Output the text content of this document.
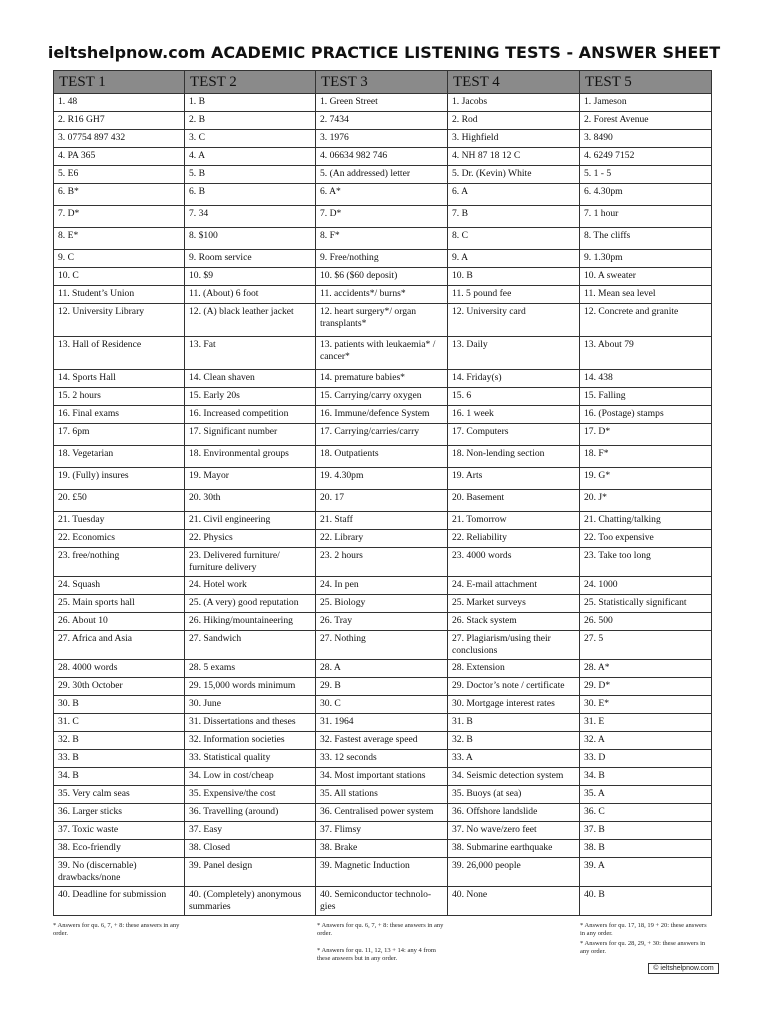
ieltshelpnow.com ACADEMIC PRACTICE LISTENING TESTS - ANSWER SHEET
TEST 1	TEST 2	TEST 3	TEST 4	TEST 5
1. 48	1. B	1. Green Street	1. Jacobs	1. Jameson
2. R16 GH7	2. B	2. 7434	2. Rod	2. Forest Avenue
3. 07754 897 432	3. C	3. 1976	3. Highfield	3. 8490
4. PA 365	4. A	4. 06634 982 746	4. NH 87 18 12 C	4. 6249 7152
5. E6	5. B	5. (An addressed) letter	5. Dr. (Kevin) White	5. 1 - 5
6. B*	6. B	6. A*	6. A	6. 4.30pm
7. D*	7. 34	7. D*	7. B	7. 1 hour
8. E*	8. $100	8. F*	8. C	8. The cliffs
9. C	9. Room service	9. Free/nothing	9. A	9. 1.30pm
10. C	10. $9	10. $6 ($60 deposit)	10. B	10. A sweater
11. Student’s Union	11. (About) 6 foot	11. accidents*/ burns*	11. 5 pound fee	11. Mean sea level
12. University Library	12. (A) black leather jacket	12. heart surgery*/ organ transplants*	12. University card	12. Concrete and granite
13. Hall of Residence	13. Fat	13. patients with leukaemia* / cancer*	13. Daily	13. About 79
14. Sports Hall	14. Clean shaven	14. premature babies*	14. Friday(s)	14. 438
15. 2 hours	15. Early 20s	15. Carrying/carry oxygen	15. 6	15. Falling
16. Final exams	16. Increased competition	16. Immune/defence System	16. 1 week	16. (Postage) stamps
17. 6pm	17. Significant number	17. Carrying/carries/carry	17. Computers	17. D*
18. Vegetarian	18. Environmental groups	18. Outpatients	18. Non-lending section	18. F*
19. (Fully) insures	19. Mayor	19. 4.30pm	19. Arts	19. G*
20. £50	20. 30th	20. 17	20. Basement	20. J*
21. Tuesday	21. Civil engineering	21. Staff	21. Tomorrow	21. Chatting/talking
22. Economics	22. Physics	22. Library	22. Reliability	22. Too expensive
23. free/nothing	23. Delivered furniture/ furniture delivery	23. 2 hours	23. 4000 words	23. Take too long
24. Squash	24. Hotel work	24. In pen	24. E-mail attachment	24. 1000
25. Main sports hall	25. (A very) good reputation	25. Biology	25. Market surveys	25. Statistically significant
26. About 10	26. Hiking/mountaineering	26. Tray	26. Stack system	26. 500
27. Africa and Asia	27. Sandwich	27. Nothing	27. Plagiarism/using their conclusions	27. 5
28. 4000 words	28. 5 exams	28. A	28. Extension	28. A*
29. 30th October	29. 15,000 words minimum	29. B	29. Doctor’s note / certificate	29. D*
30. B	30. June	30. C	30. Mortgage interest rates	30. E*
31. C	31. Dissertations and theses	31. 1964	31. B	31. E
32. B	32. Information societies	32. Fastest average speed	32. B	32. A
33. B	33. Statistical quality	33. 12 seconds	33. A	33. D
34. B	34. Low in cost/cheap	34. Most important stations	34. Seismic detection system	34. B
35. Very calm seas	35. Expensive/the cost	35. All stations	35. Buoys (at sea)	35. A
36. Larger sticks	36. Travelling (around)	36. Centralised power system	36. Offshore landslide	36. C
37. Toxic waste	37. Easy	37. Flimsy	37. No wave/zero feet	37. B
38. Eco-friendly	38. Closed	38. Brake	38. Submarine earthquake	38. B
39. No (discernable) drawbacks/none	39. Panel design	39. Magnetic Induction	39. 26,000 people	39. A
40. Deadline for submission	40. (Completely) anonymous summaries	40. Semiconductor technolo-gies	40. None	40. B
* Answers for qu. 6, 7, + 8: these answers in any order.
* Answers for qu. 6, 7, + 8: these answers in any order.
* Answers for qu. 11, 12, 13 + 14: any 4 from these answers but in any order.
* Answers for qu. 17, 18, 19 + 20: these answers in any order.
* Answers for qu. 28, 29, + 30: these answers in any order.
© ieltshelpnow.com
